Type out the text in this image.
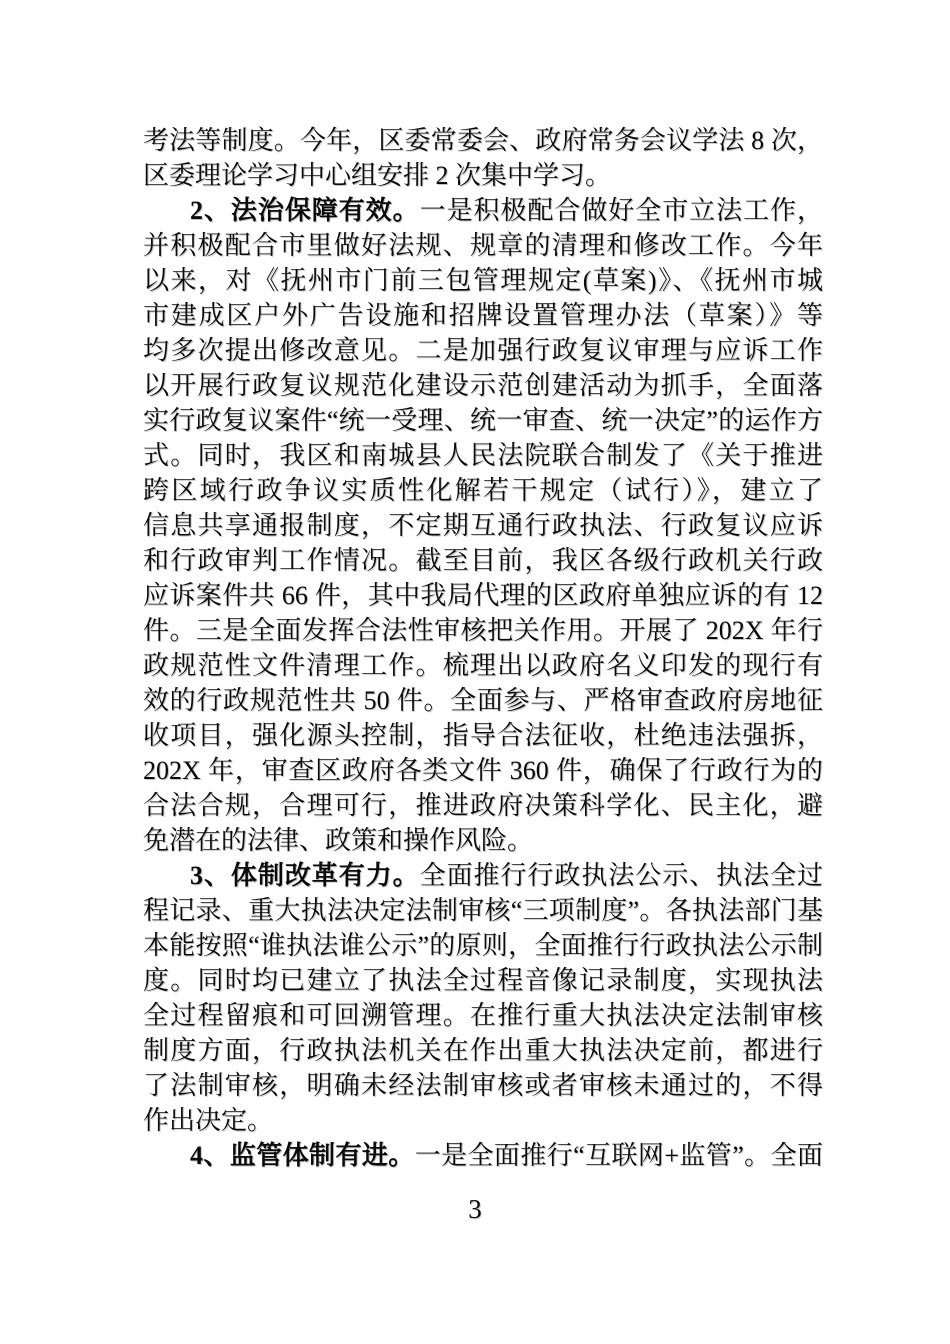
考法等制度。今年，区委常委会、政府常务会议学法 8 次，
区委理论学习中心组安排 2 次集中学习。
2、法治保障有效。一是积极配合做好全市立法工作，
并积极配合市里做好法规、规章的清理和修改工作。今年
以来，对《抚州市门前三包管理规定(草案)》、《抚州市城
市建成区户外广告设施和招牌设置管理办法（草案）》等
均多次提出修改意见。二是加强行政复议审理与应诉工作
以开展行政复议规范化建设示范创建活动为抓手，全面落
实行政复议案件“统一受理、统一审查、统一决定”的运作方
式。同时，我区和南城县人民法院联合制发了《关于推进
跨区域行政争议实质性化解若干规定（试行）》，建立了
信息共享通报制度，不定期互通行政执法、行政复议应诉
和行政审判工作情况。截至目前，我区各级行政机关行政
应诉案件共 66 件，其中我局代理的区政府单独应诉的有 12
件。三是全面发挥合法性审核把关作用。开展了 202X 年行
政规范性文件清理工作。梳理出以政府名义印发的现行有
效的行政规范性共 50 件。全面参与、严格审查政府房地征
收项目，强化源头控制，指导合法征收，杜绝违法强拆，
202X 年，审查区政府各类文件 360 件，确保了行政行为的
合法合规，合理可行，推进政府决策科学化、民主化，避
免潜在的法律、政策和操作风险。
3、体制改革有力。全面推行行政执法公示、执法全过
程记录、重大执法决定法制审核“三项制度”。各执法部门基
本能按照“谁执法谁公示”的原则，全面推行行政执法公示制
度。同时均已建立了执法全过程音像记录制度，实现执法
全过程留痕和可回溯管理。在推行重大执法决定法制审核
制度方面，行政执法机关在作出重大执法决定前，都进行
了法制审核，明确未经法制审核或者审核未通过的，不得
作出决定。
4、监管体制有进。一是全面推行“互联网+监管”。全面
3
